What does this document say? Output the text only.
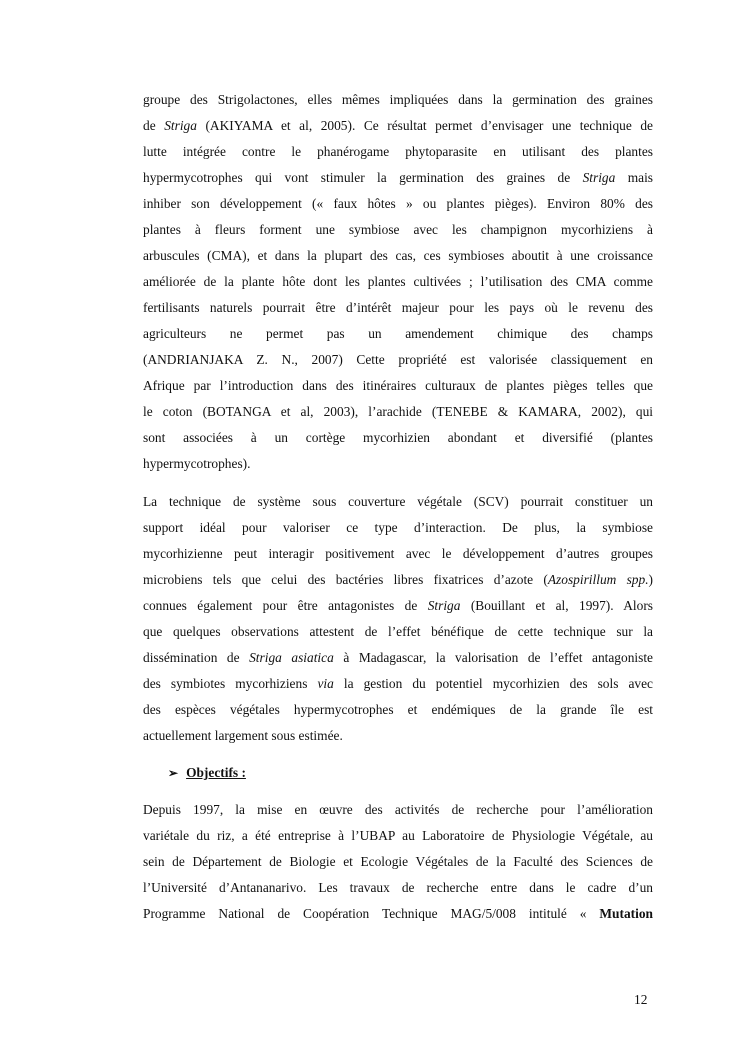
groupe des Strigolactones, elles mêmes impliquées dans la germination des graines
de Striga (AKIYAMA et al, 2005). Ce résultat permet d’envisager une technique de
lutte intégrée contre le phanérogame phytoparasite en utilisant des plantes
hypermycotrophes qui vont stimuler la germination des graines de Striga mais
inhiber son développement (« faux hôtes » ou plantes pièges). Environ 80% des
plantes à fleurs forment une symbiose avec les champignon mycorhiziens à
arbuscules (CMA), et dans la plupart des cas, ces symbioses aboutit à une croissance
améliorée de la plante hôte dont les plantes cultivées ; l’utilisation des CMA comme
fertilisants naturels pourrait être d’intérêt majeur pour les pays où le revenu des
agriculteurs ne permet pas un amendement chimique des champs
(ANDRIANJAKA Z. N., 2007) Cette propriété est valorisée classiquement en
Afrique par l’introduction dans des itinéraires culturaux de plantes pièges telles que
le coton (BOTANGA et al, 2003), l’arachide (TENEBE & KAMARA, 2002), qui
sont associées à un cortège mycorhizien abondant et diversifié (plantes
hypermycotrophes).
La technique de système sous couverture végétale (SCV) pourrait constituer un
support idéal pour valoriser ce type d’interaction. De plus, la symbiose
mycorhizienne peut interagir positivement avec le développement d’autres groupes
microbiens tels que celui des bactéries libres fixatrices d’azote (Azospirillum spp.)
connues également pour être antagonistes de Striga (Bouillant et al, 1997). Alors
que quelques observations attestent de l’effet bénéfique de cette technique sur la
dissémination de Striga asiatica à Madagascar, la valorisation de l’effet antagoniste
des symbiotes mycorhiziens via la gestion du potentiel mycorhizien des sols avec
des espèces végétales hypermycotrophes et endémiques de la grande île est
actuellement largement sous estimée.
➢ Objectifs :
Depuis 1997, la mise en œuvre des activités de recherche pour l’amélioration
variétale du riz, a été entreprise à l’UBAP au Laboratoire de Physiologie Végétale, au
sein de Département de Biologie et Ecologie Végétales de la Faculté des Sciences de
l’Université d’Antananarivo. Les travaux de recherche entre dans le cadre d’un
Programme National de Coopération Technique MAG/5/008 intitulé « Mutation
12
